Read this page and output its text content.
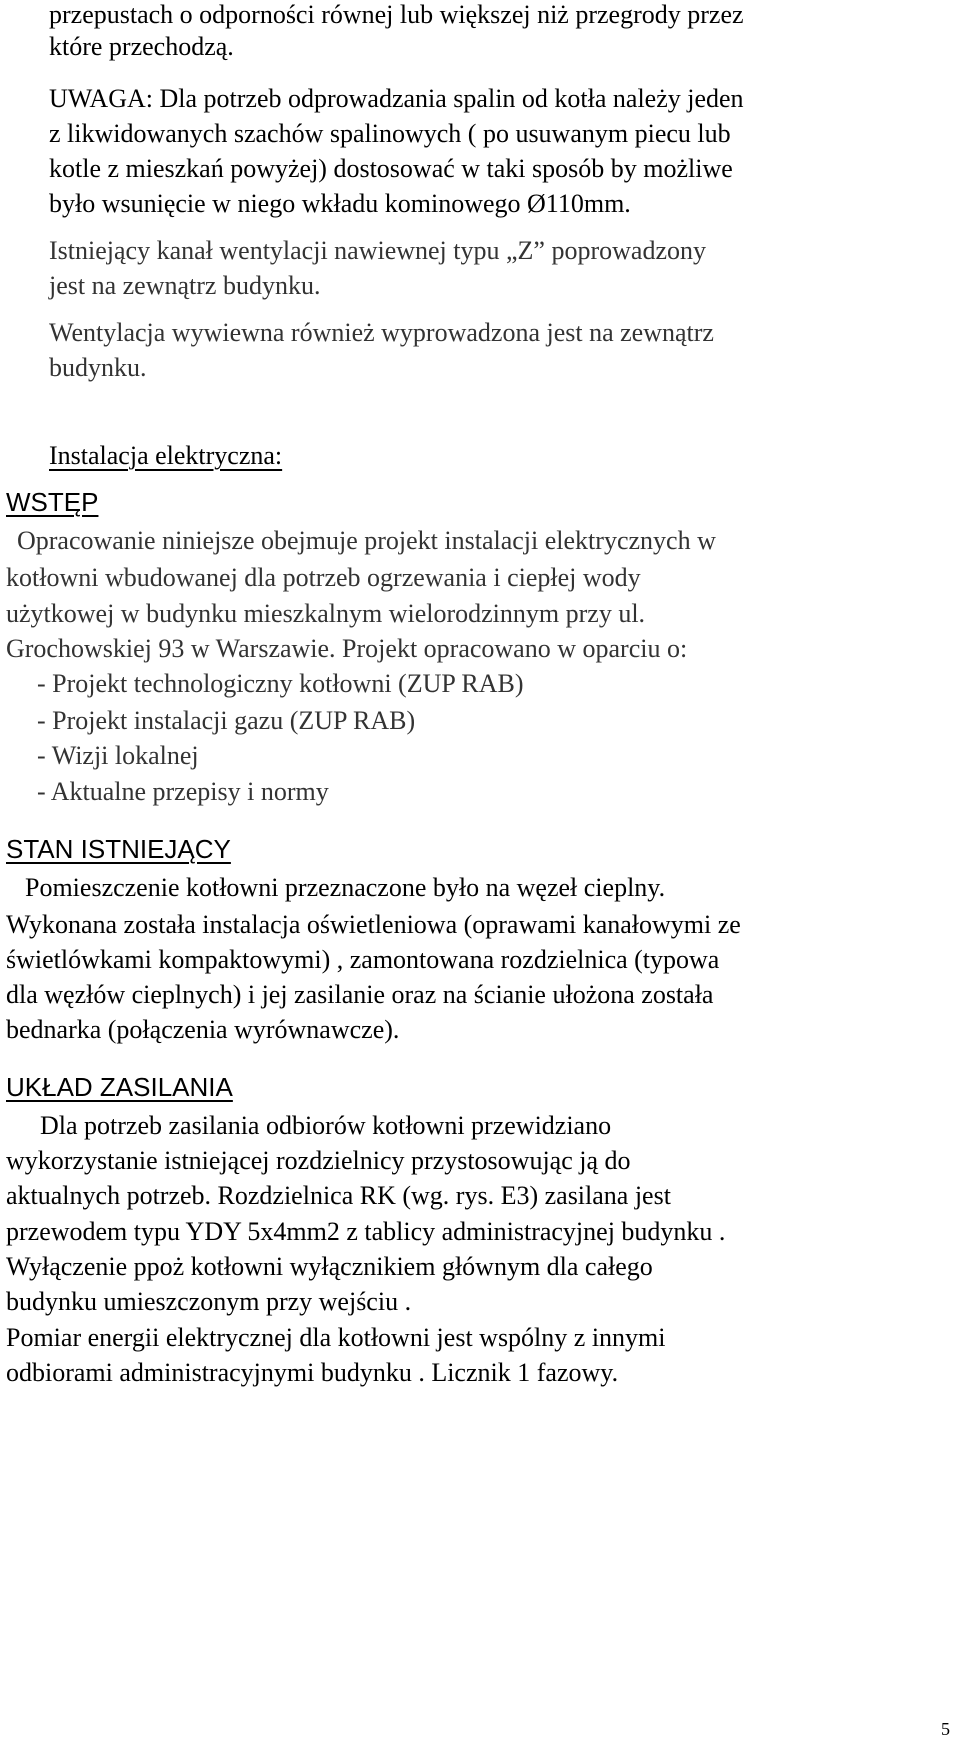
przepustach o odporności równej lub większej niż przegrody przez

które przechodzą.

UWAGA: Dla potrzeb odprowadzania spalin od kotła należy jeden

z likwidowanych szachów spalinowych ( po usuwanym piecu lub

kotle z mieszkań powyżej) dostosować w taki sposób by możliwe

było wsunięcie w niego wkładu kominowego Ø110mm.

Istniejący kanał wentylacji nawiewnej typu „Z” poprowadzony

jest na zewnątrz budynku.

Wentylacja wywiewna również wyprowadzona jest na zewnątrz

budynku.

Instalacja elektryczna:

WSTĘP

Opracowanie niniejsze obejmuje projekt instalacji elektrycznych w

kotłowni wbudowanej dla potrzeb ogrzewania i ciepłej wody

użytkowej w budynku mieszkalnym wielorodzinnym przy ul.

Grochowskiej 93 w Warszawie. Projekt opracowano w oparciu o:

- Projekt technologiczny kotłowni (ZUP RAB)

- Projekt instalacji gazu (ZUP RAB)

- Wizji lokalnej

- Aktualne przepisy i normy

STAN ISTNIEJĄCY

Pomieszczenie kotłowni przeznaczone było na węzeł cieplny.

Wykonana została instalacja oświetleniowa (oprawami kanałowymi ze

świetlówkami kompaktowymi) , zamontowana rozdzielnica (typowa

dla węzłów cieplnych) i jej zasilanie oraz na ścianie ułożona została

bednarka (połączenia wyrównawcze).

UKŁAD ZASILANIA

Dla potrzeb zasilania odbiorów kotłowni przewidziano

wykorzystanie istniejącej rozdzielnicy przystosowując ją do

aktualnych potrzeb. Rozdzielnica RK (wg. rys. E3) zasilana jest

przewodem typu YDY 5x4mm2 z tablicy administracyjnej budynku .

Wyłączenie ppoż kotłowni wyłącznikiem głównym dla całego

budynku umieszczonym przy wejściu .

Pomiar energii elektrycznej dla kotłowni jest wspólny z innymi

odbiorami administracyjnymi budynku . Licznik 1 fazowy.

5
